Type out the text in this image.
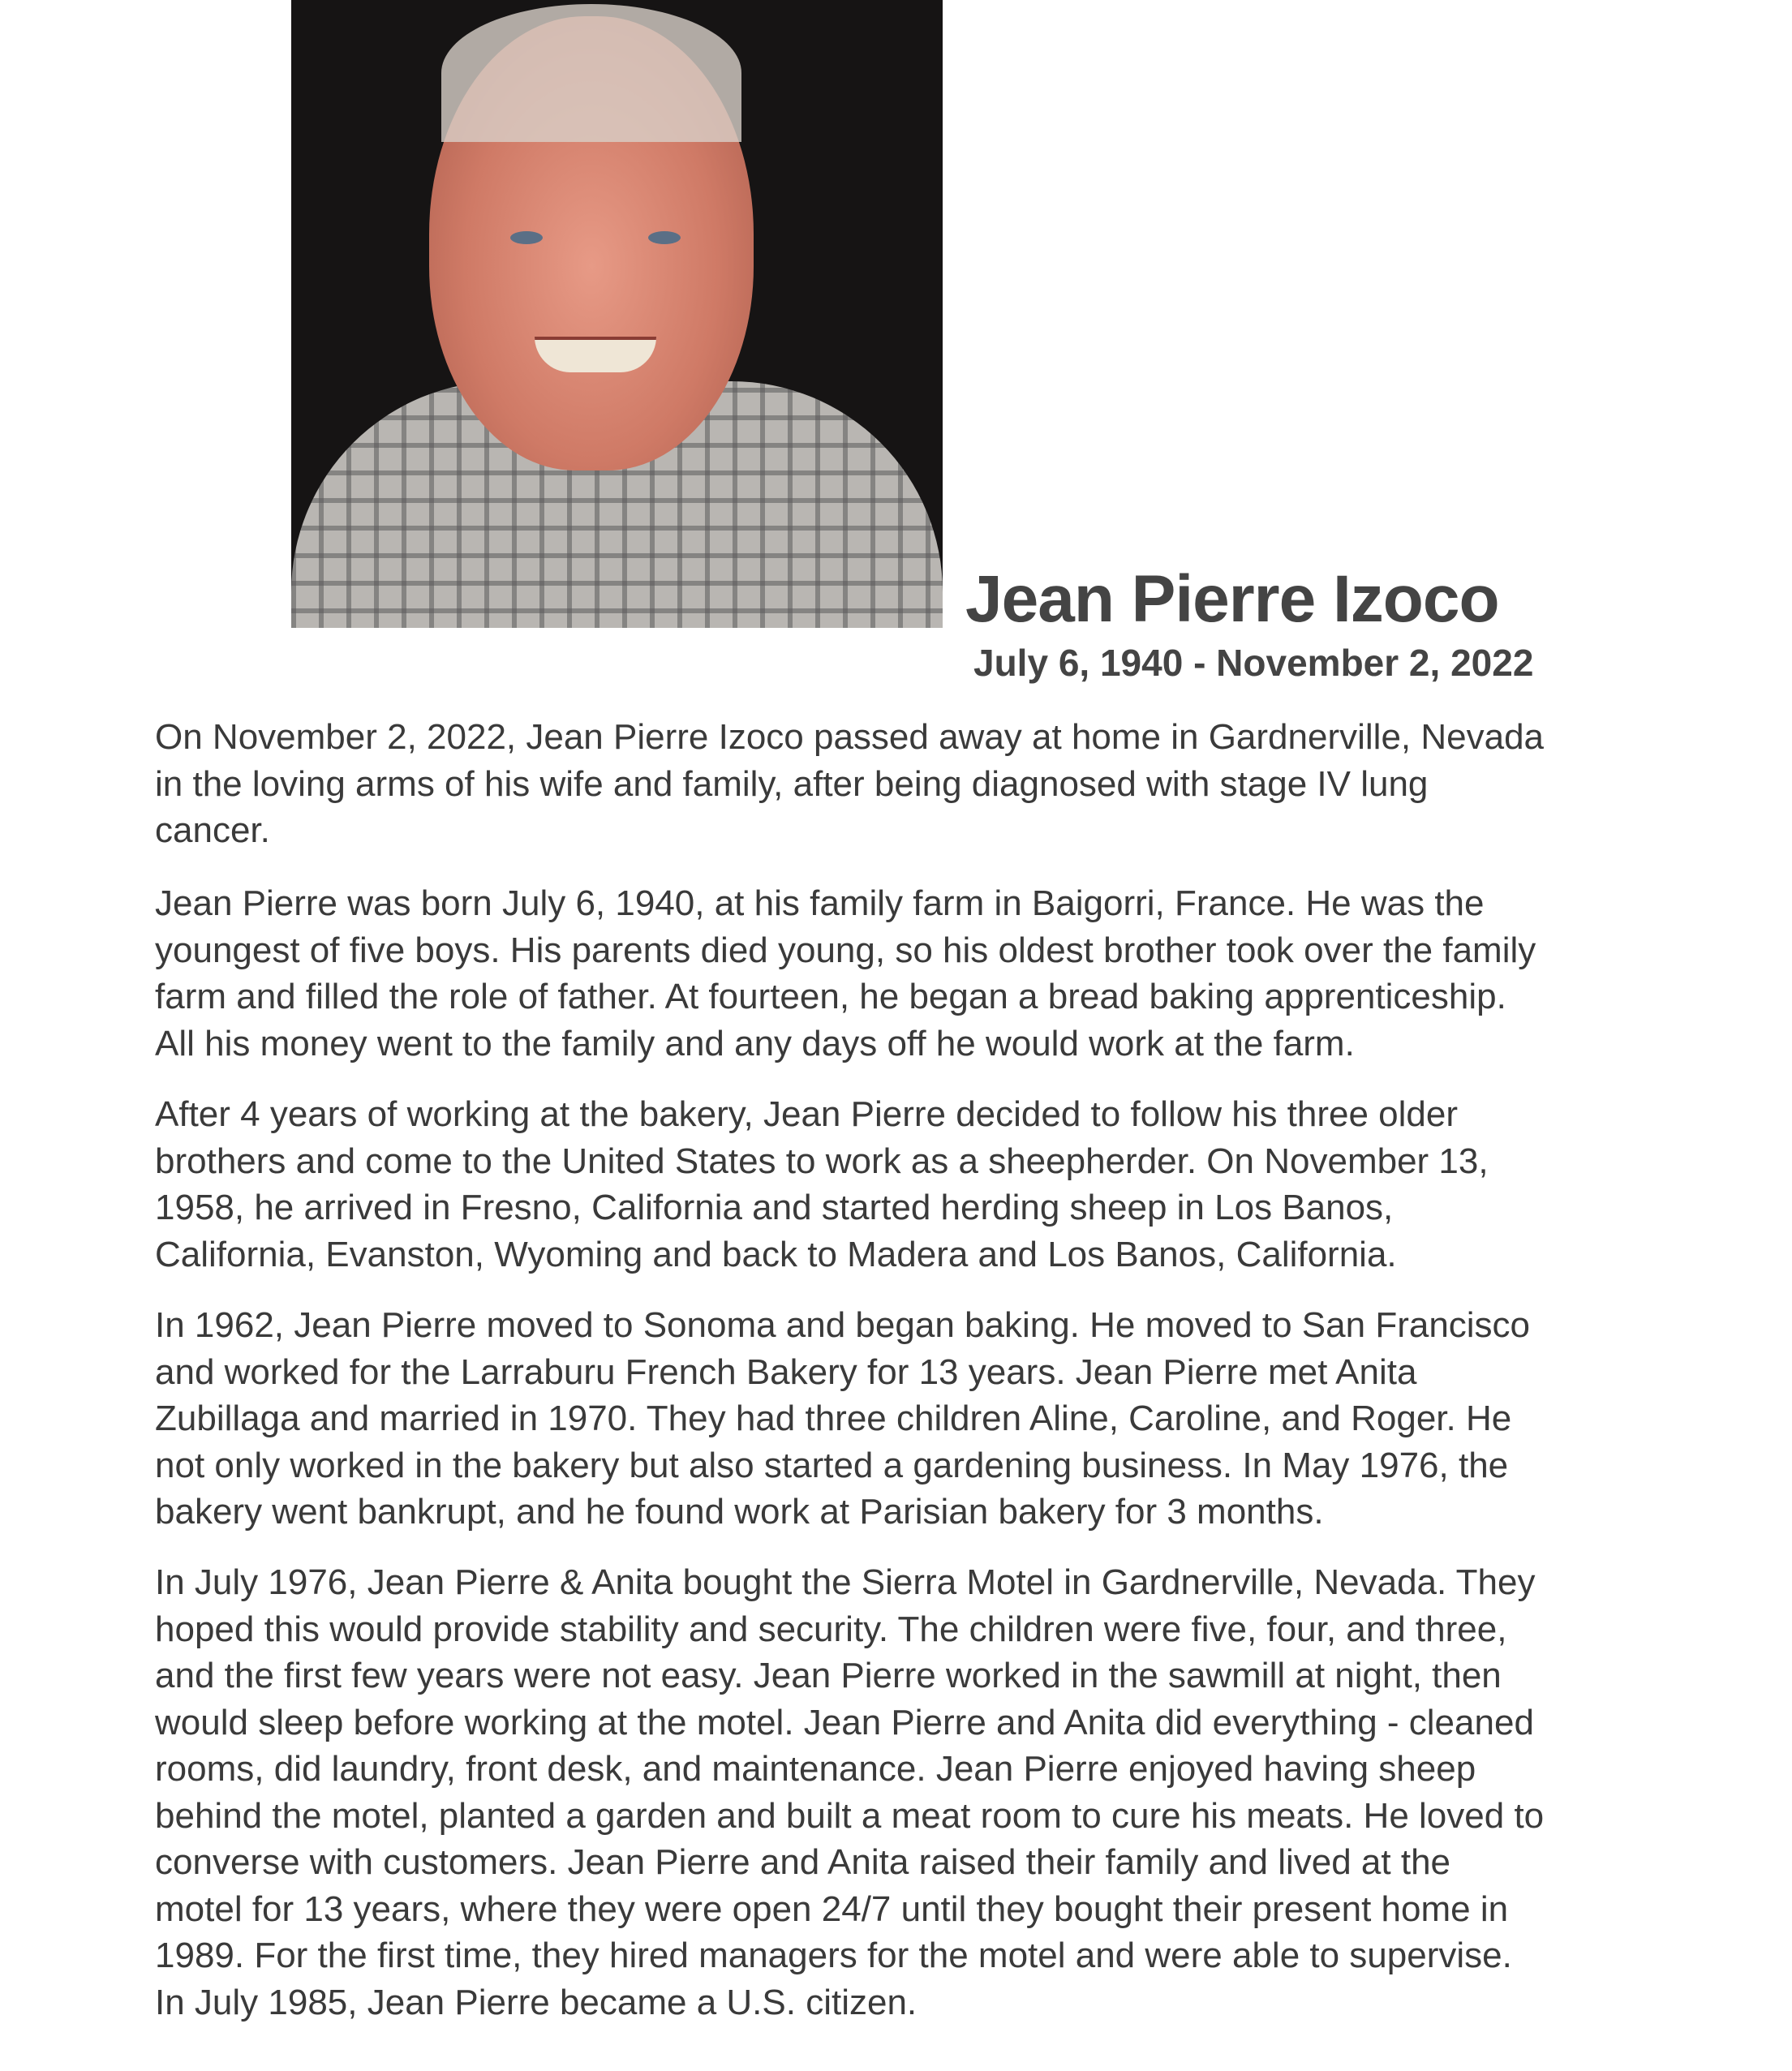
Jean Pierre Izoco
July 6, 1940 - November 2, 2022
On November 2, 2022, Jean Pierre Izoco passed away at home in Gardnerville, Nevada
in the loving arms of his wife and family, after being diagnosed with stage IV lung
cancer.
Jean Pierre was born July 6, 1940, at his family farm in Baigorri, France. He was the
youngest of five boys. His parents died young, so his oldest brother took over the family
farm and filled the role of father. At fourteen, he began a bread baking apprenticeship.
All his money went to the family and any days off he would work at the farm.
After 4 years of working at the bakery, Jean Pierre decided to follow his three older
brothers and come to the United States to work as a sheepherder. On November 13,
1958, he arrived in Fresno, California and started herding sheep in Los Banos,
California, Evanston, Wyoming and back to Madera and Los Banos, California.
In 1962, Jean Pierre moved to Sonoma and began baking. He moved to San Francisco
and worked for the Larraburu French Bakery for 13 years. Jean Pierre met Anita
Zubillaga and married in 1970. They had three children Aline, Caroline, and Roger. He
not only worked in the bakery but also started a gardening business. In May 1976, the
bakery went bankrupt, and he found work at Parisian bakery for 3 months.
In July 1976, Jean Pierre & Anita bought the Sierra Motel in Gardnerville, Nevada. They
hoped this would provide stability and security. The children were five, four, and three,
and the first few years were not easy. Jean Pierre worked in the sawmill at night, then
would sleep before working at the motel. Jean Pierre and Anita did everything - cleaned
rooms, did laundry, front desk, and maintenance. Jean Pierre enjoyed having sheep
behind the motel, planted a garden and built a meat room to cure his meats. He loved to
converse with customers. Jean Pierre and Anita raised their family and lived at the
motel for 13 years, where they were open 24/7 until they bought their present home in
1989. For the first time, they hired managers for the motel and were able to supervise.
In July 1985, Jean Pierre became a U.S. citizen.
